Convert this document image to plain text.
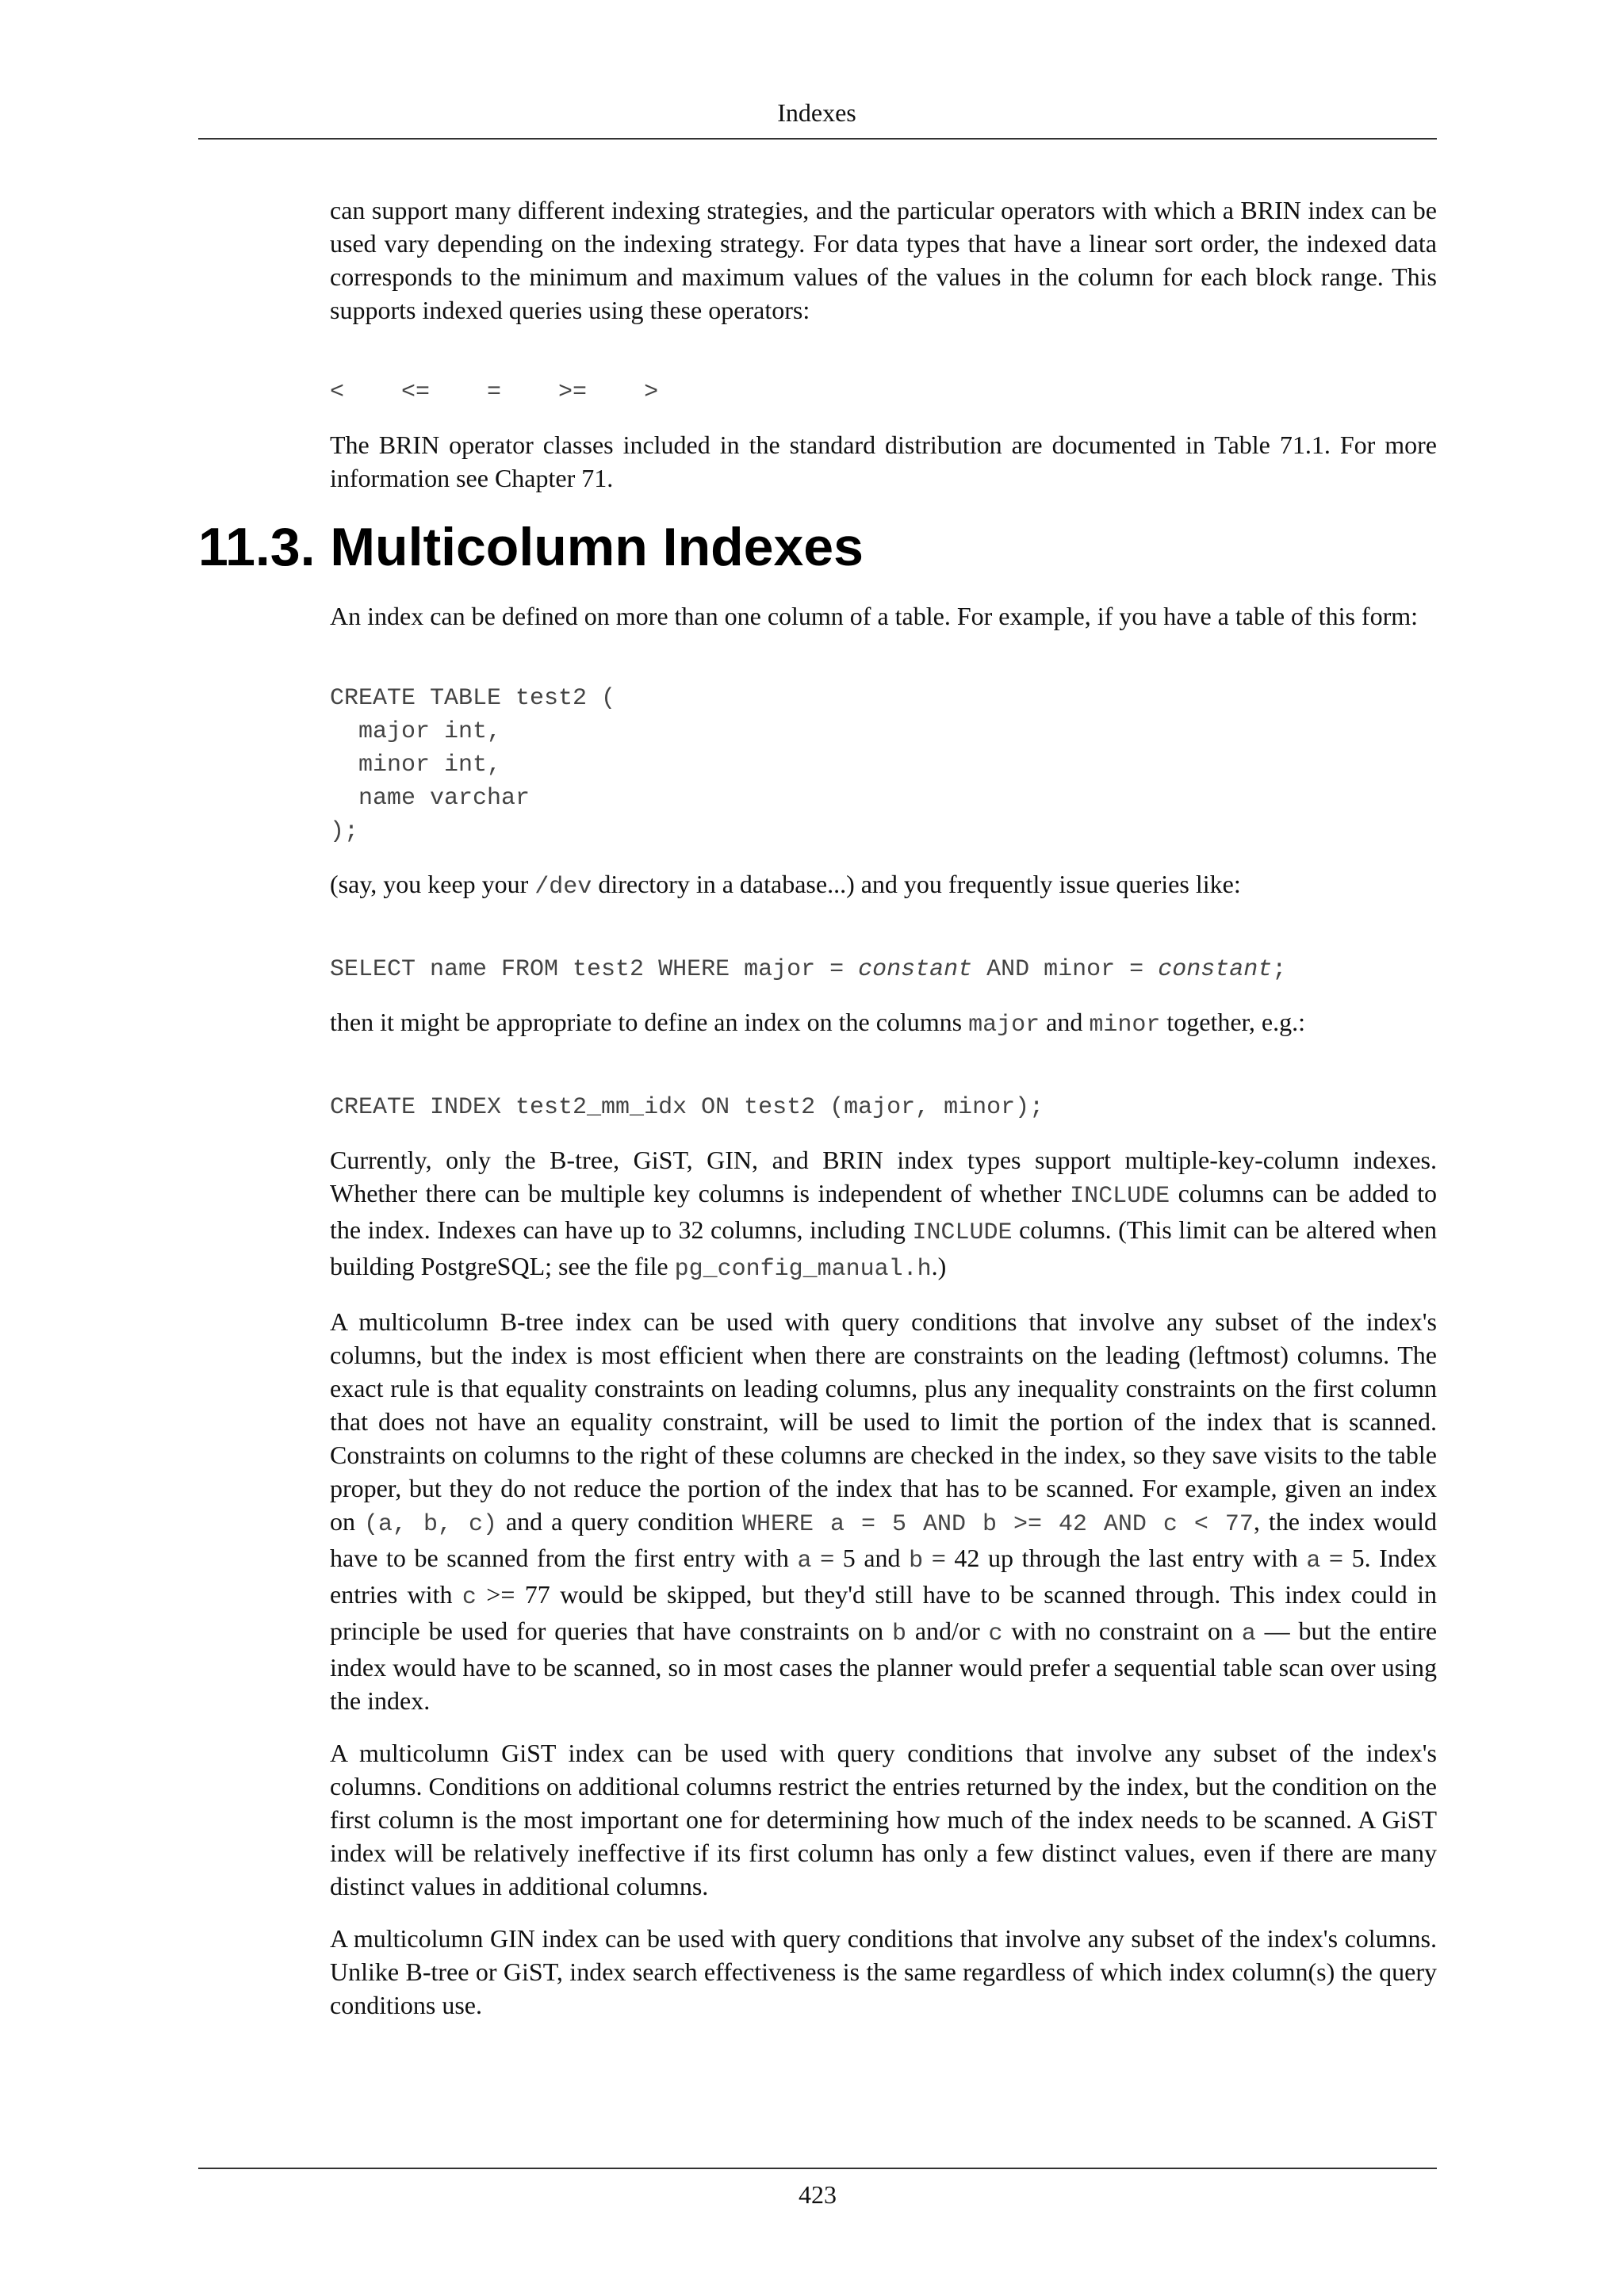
Indexes

can support many different indexing strategies, and the particular operators with which a BRIN index can be used vary depending on the indexing strategy. For data types that have a linear sort order, the indexed data corresponds to the minimum and maximum values of the values in the column for each block range. This supports indexed queries using these operators:

< <= = >= >

The BRIN operator classes included in the standard distribution are documented in Table 71.1. For more information see Chapter 71.

11.3. Multicolumn Indexes

An index can be defined on more than one column of a table. For example, if you have a table of this form:

CREATE TABLE test2 (
major int,
minor int,
name varchar
);

(say, you keep your /dev directory in a database...) and you frequently issue queries like:

SELECT name FROM test2 WHERE major = constant AND minor = constant;

then it might be appropriate to define an index on the columns major and minor together, e.g.:

CREATE INDEX test2_mm_idx ON test2 (major, minor);

Currently, only the B-tree, GiST, GIN, and BRIN index types support multiple-key-column indexes. Whether there can be multiple key columns is independent of whether INCLUDE columns can be added to the index. Indexes can have up to 32 columns, including INCLUDE columns. (This limit can be altered when building PostgreSQL; see the file pg_config_manual.h.)

A multicolumn B-tree index can be used with query conditions that involve any subset of the index's columns, but the index is most efficient when there are constraints on the leading (leftmost) columns. The exact rule is that equality constraints on leading columns, plus any inequality constraints on the first column that does not have an equality constraint, will be used to limit the portion of the index that is scanned. Constraints on columns to the right of these columns are checked in the index, so they save visits to the table proper, but they do not reduce the portion of the index that has to be scanned. For example, given an index on (a, b, c) and a query condition WHERE a = 5 AND b >= 42 AND c < 77, the index would have to be scanned from the first entry with a = 5 and b = 42 up through the last entry with a = 5. Index entries with c >= 77 would be skipped, but they'd still have to be scanned through. This index could in principle be used for queries that have constraints on b and/or c with no constraint on a — but the entire index would have to be scanned, so in most cases the planner would prefer a sequential table scan over using the index.

A multicolumn GiST index can be used with query conditions that involve any subset of the index's columns. Conditions on additional columns restrict the entries returned by the index, but the condition on the first column is the most important one for determining how much of the index needs to be scanned. A GiST index will be relatively ineffective if its first column has only a few distinct values, even if there are many distinct values in additional columns.

A multicolumn GIN index can be used with query conditions that involve any subset of the index's columns. Unlike B-tree or GiST, index search effectiveness is the same regardless of which index column(s) the query conditions use.

423
